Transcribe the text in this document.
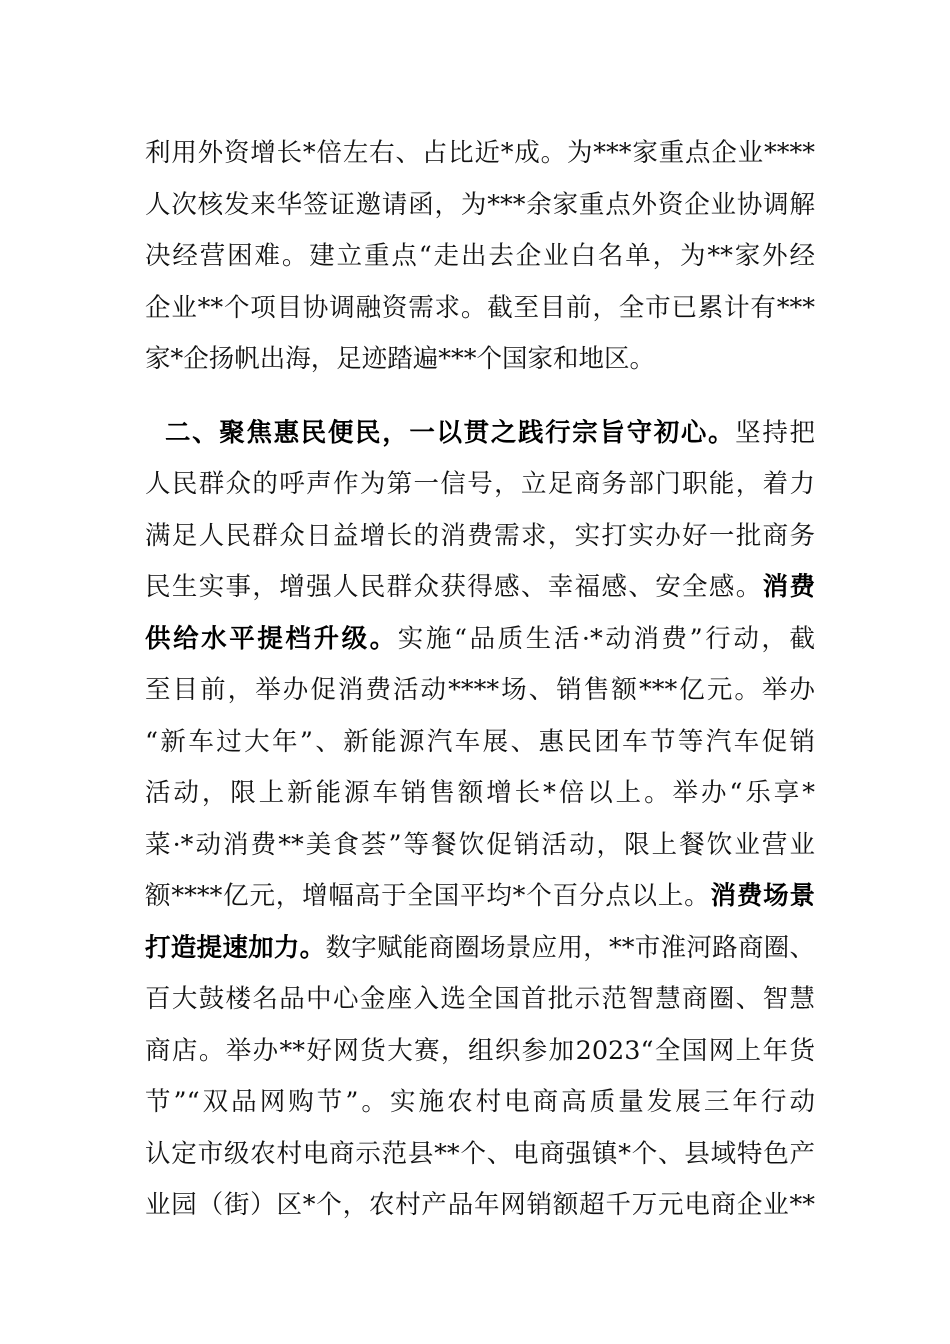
利用外资增长*倍左右、占比近*成。为***家重点企业****
人次核发来华签证邀请函，为***余家重点外资企业协调解
决经营困难。建立重点“走出去企业白名单，为**家外经
企业**个项目协调融资需求。截至目前，全市已累计有***
家*企扬帆出海，足迹踏遍***个国家和地区。
二、聚焦惠民便民，一以贯之践行宗旨守初心。坚持把
人民群众的呼声作为第一信号，立足商务部门职能，着力
满足人民群众日益增长的消费需求，实打实办好一批商务
民生实事，增强人民群众获得感、幸福感、安全感。消费
供给水平提档升级。实施“品质生活·*动消费”行动，截
至目前，举办促消费活动****场、销售额***亿元。举办
“新车过大年”、新能源汽车展、惠民团车节等汽车促销
活动，限上新能源车销售额增长*倍以上。举办“乐享*
菜·*动消费**美食荟”等餐饮促销活动，限上餐饮业营业
额****亿元，增幅高于全国平均*个百分点以上。消费场景
打造提速加力。数字赋能商圈场景应用，**市淮河路商圈、
百大鼓楼名品中心金座入选全国首批示范智慧商圈、智慧
商店。举办**好网货大赛，组织参加2023“全国网上年货
节”“双品网购节”。实施农村电商高质量发展三年行动
认定市级农村电商示范县**个、电商强镇*个、县域特色产
业园（街）区*个，农村产品年网销额超千万元电商企业**
